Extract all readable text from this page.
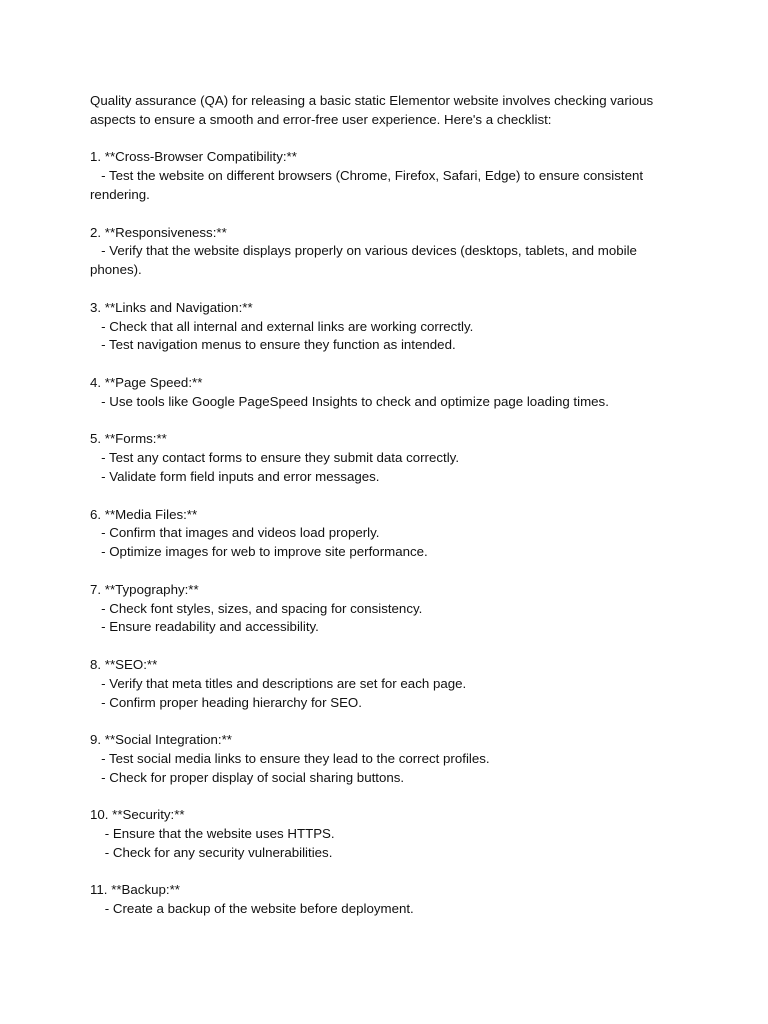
Quality assurance (QA) for releasing a basic static Elementor website involves checking various aspects to ensure a smooth and error-free user experience. Here's a checklist:

1. **Cross-Browser Compatibility:**
- Test the website on different browsers (Chrome, Firefox, Safari, Edge) to ensure consistent rendering.
2. **Responsiveness:**
- Verify that the website displays properly on various devices (desktops, tablets, and mobile phones).
3. **Links and Navigation:**
- Check that all internal and external links are working correctly.
- Test navigation menus to ensure they function as intended.
4. **Page Speed:**
- Use tools like Google PageSpeed Insights to check and optimize page loading times.
5. **Forms:**
- Test any contact forms to ensure they submit data correctly.
- Validate form field inputs and error messages.
6. **Media Files:**
- Confirm that images and videos load properly.
- Optimize images for web to improve site performance.
7. **Typography:**
- Check font styles, sizes, and spacing for consistency.
- Ensure readability and accessibility.
8. **SEO:**
- Verify that meta titles and descriptions are set for each page.
- Confirm proper heading hierarchy for SEO.
9. **Social Integration:**
- Test social media links to ensure they lead to the correct profiles.
- Check for proper display of social sharing buttons.
10. **Security:**
- Ensure that the website uses HTTPS.
- Check for any security vulnerabilities.
11. **Backup:**
- Create a backup of the website before deployment.
